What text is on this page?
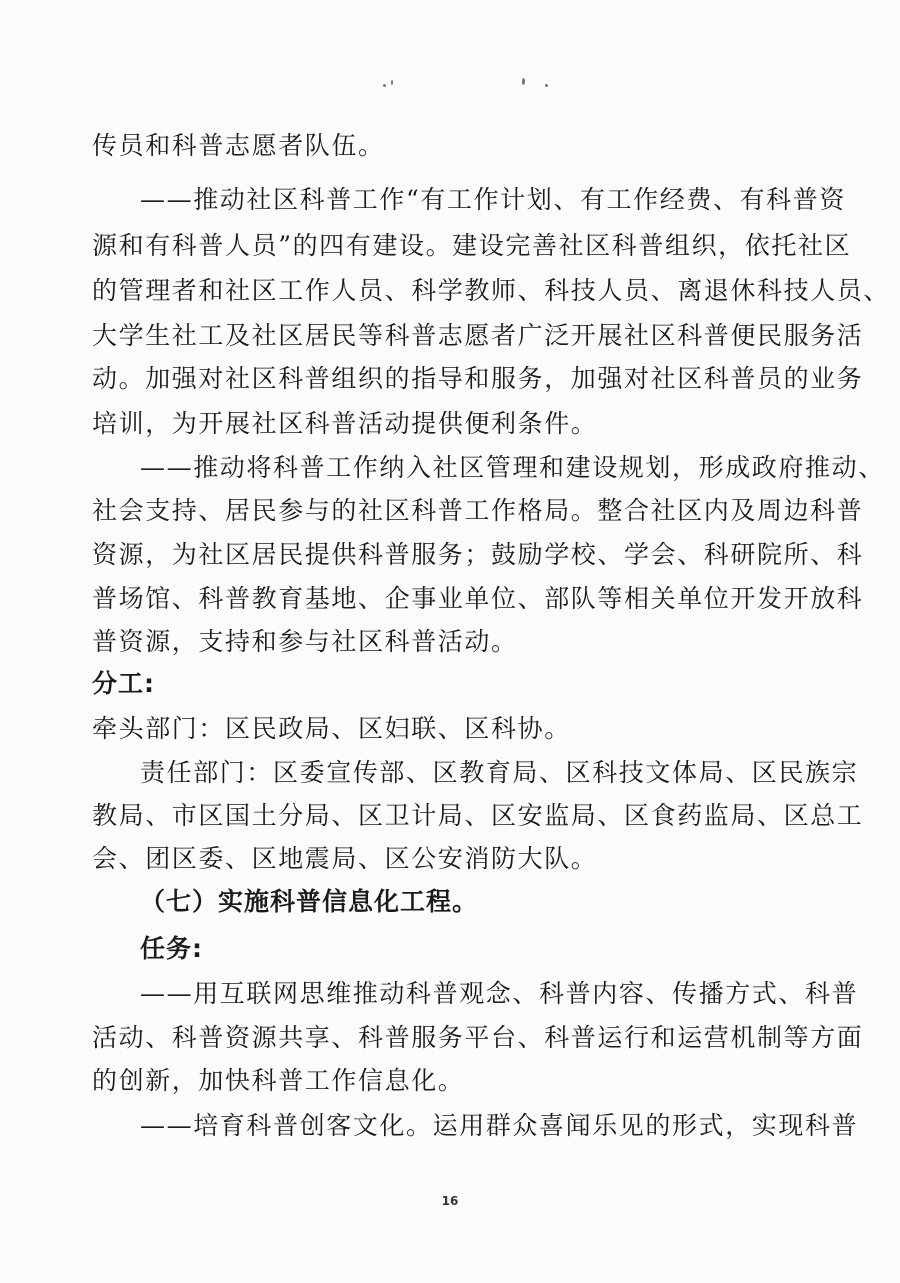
传员和科普志愿者队伍。
——推动社区科普工作“有工作计划、有工作经费、有科普资
源和有科普人员”的四有建设。建设完善社区科普组织，依托社区
的管理者和社区工作人员、科学教师、科技人员、离退休科技人员、
大学生社工及社区居民等科普志愿者广泛开展社区科普便民服务活
动。加强对社区科普组织的指导和服务，加强对社区科普员的业务
培训，为开展社区科普活动提供便利条件。
——推动将科普工作纳入社区管理和建设规划，形成政府推动、
社会支持、居民参与的社区科普工作格局。整合社区内及周边科普
资源，为社区居民提供科普服务；鼓励学校、学会、科研院所、科
普场馆、科普教育基地、企事业单位、部队等相关单位开发开放科
普资源，支持和参与社区科普活动。
分工:
牵头部门：区民政局、区妇联、区科协。
责任部门：区委宣传部、区教育局、区科技文体局、区民族宗
教局、市区国土分局、区卫计局、区安监局、区食药监局、区总工
会、团区委、区地震局、区公安消防大队。
（七）实施科普信息化工程。
任务:
——用互联网思维推动科普观念、科普内容、传播方式、科普
活动、科普资源共享、科普服务平台、科普运行和运营机制等方面
的创新，加快科普工作信息化。
——培育科普创客文化。运用群众喜闻乐见的形式，实现科普
16
